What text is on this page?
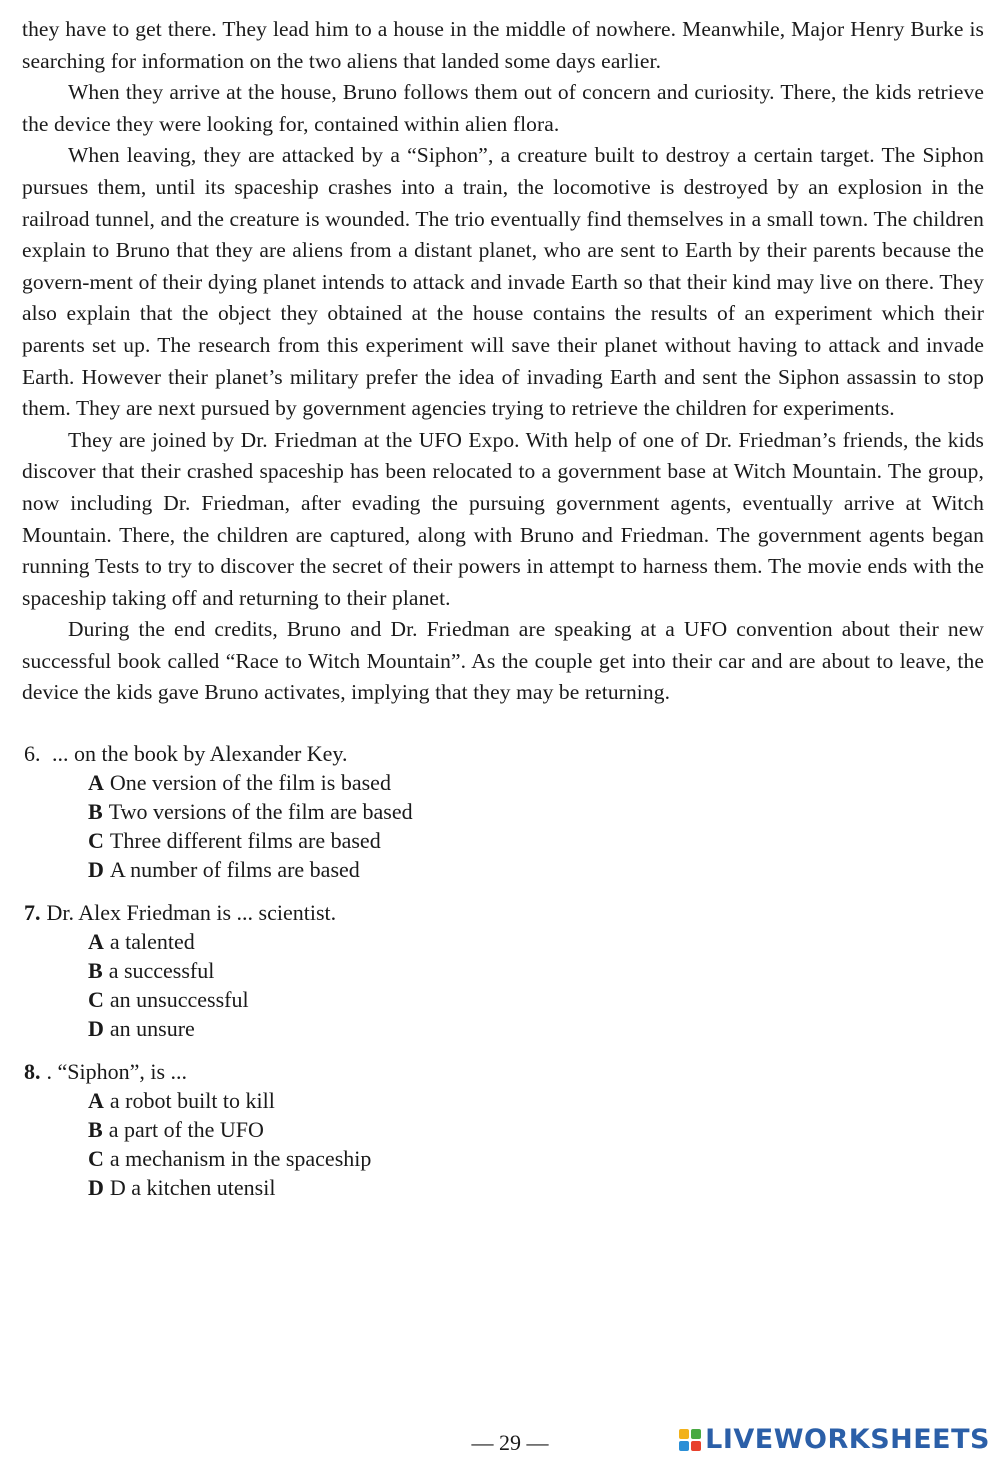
they have to get there. They lead him to a house in the middle of nowhere. Meanwhile, Major Henry Burke is searching for information on the two aliens that landed some days earlier.

When they arrive at the house, Bruno follows them out of concern and curiosity. There, the kids retrieve the device they were looking for, contained within alien flora.

When leaving, they are attacked by a “Siphon”, a creature built to destroy a certain target. The Siphon pursues them, until its spaceship crashes into a train, the locomotive is destroyed by an explosion in the railroad tunnel, and the creature is wounded. The trio eventually find themselves in a small town. The children explain to Bruno that they are aliens from a distant planet, who are sent to Earth by their parents because the govern-ment of their dying planet intends to attack and invade Earth so that their kind may live on there. They also explain that the object they obtained at the house contains the results of an experiment which their parents set up. The research from this experiment will save their planet without having to attack and invade Earth. However their planet’s military prefer the idea of invading Earth and sent the Siphon assassin to stop them. They are next pursued by government agencies trying to retrieve the children for experiments.

They are joined by Dr. Friedman at the UFO Expo. With help of one of Dr. Friedman’s friends, the kids discover that their crashed spaceship has been relocated to a government base at Witch Mountain. The group, now including Dr. Friedman, after evading the pursuing government agents, eventually arrive at Witch Mountain. There, the children are captured, along with Bruno and Friedman. The government agents began running Tests to try to discover the secret of their powers in attempt to harness them. The movie ends with the spaceship taking off and returning to their planet.

During the end credits, Bruno and Dr. Friedman are speaking at a UFO convention about their new successful book called “Race to Witch Mountain”. As the couple get into their car and are about to leave, the device the kids gave Bruno activates, implying that they may be returning.

6. ... on the book by Alexander Key.

A One version of the film is based
B Two versions of the film are based
C Three different films are based
D A number of films are based

7. Dr. Alex Friedman is ... scientist.

A a talented
B a successful
C an unsuccessful
D an unsure

8. . “Siphon”, is ...

A a robot built to kill
B a part of the UFO
C a mechanism in the spaceship
D D a kitchen utensil
— 29 —	LIVEWORKSHEETS
